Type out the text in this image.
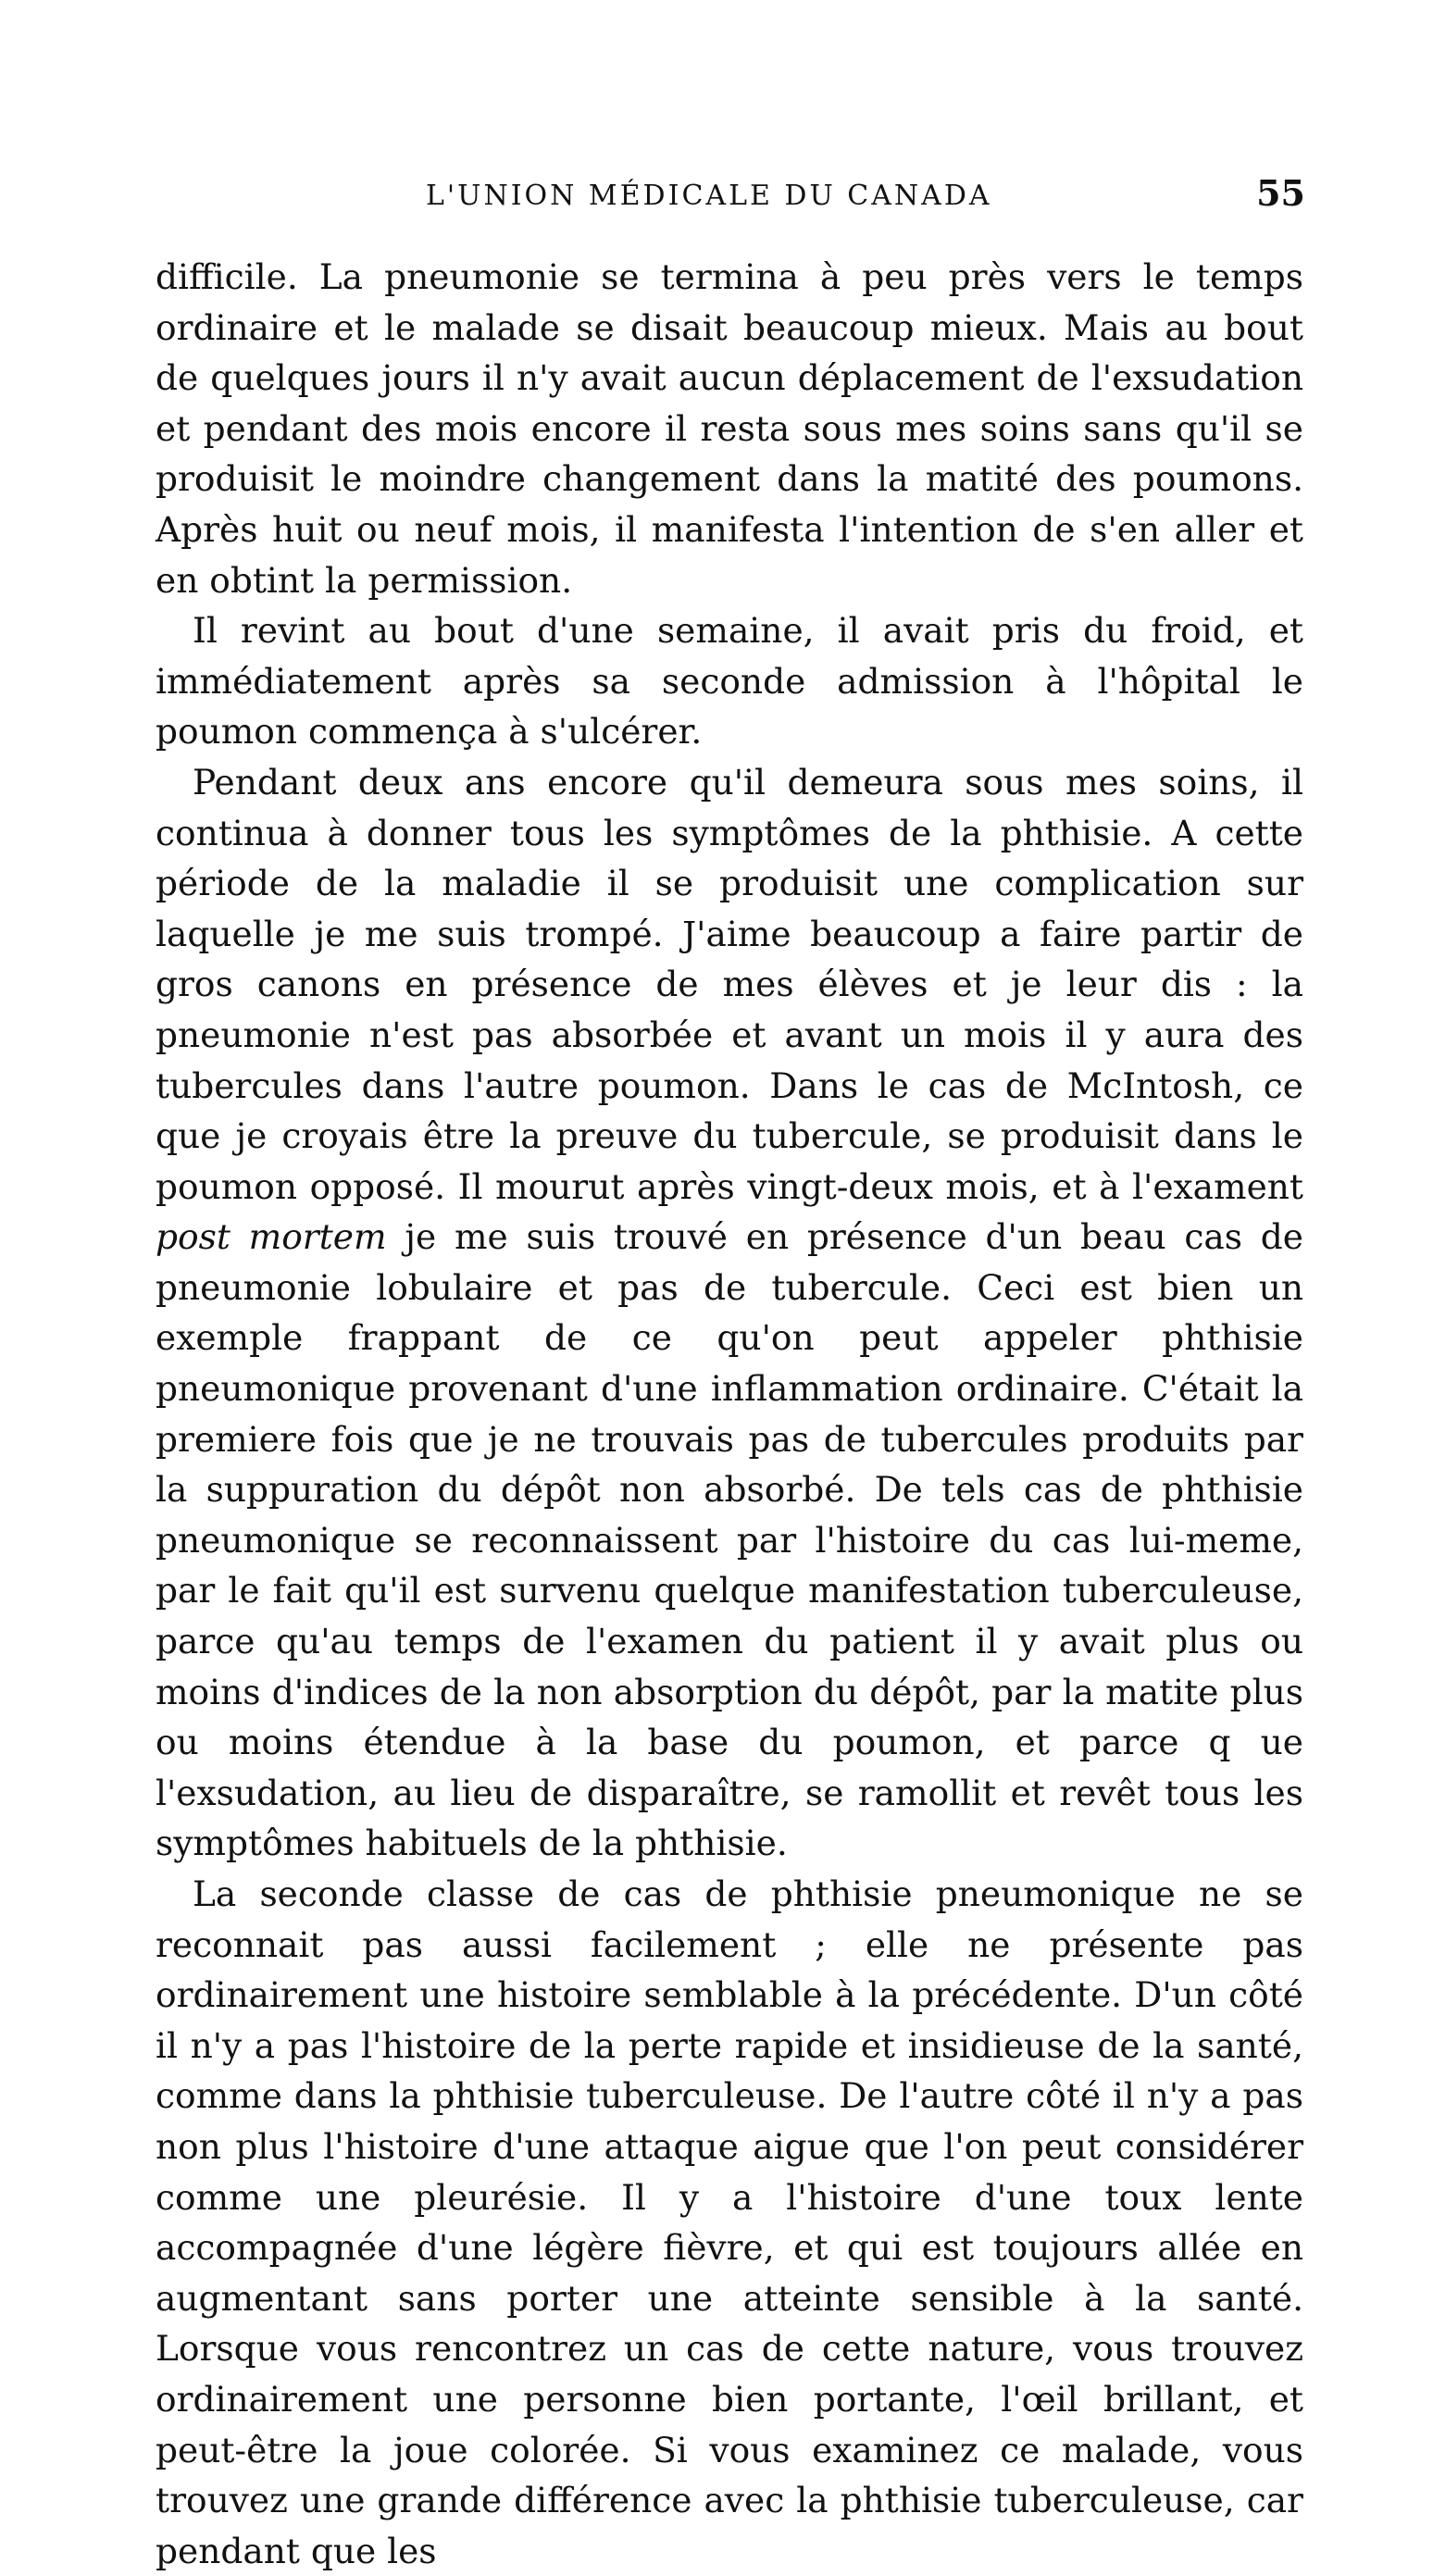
L'UNION MÉDICALE DU CANADA	55

difficile. La pneumonie se termina à peu près vers le temps ordinaire et le malade se disait beaucoup mieux. Mais au bout de quelques jours il n'y avait aucun déplacement de l'exsudation et pendant des mois encore il resta sous mes soins sans qu'il se produisit le moindre changement dans la matité des poumons. Après huit ou neuf mois, il manifesta l'intention de s'en aller et en obtint la permission.

Il revint au bout d'une semaine, il avait pris du froid, et immédiatement après sa seconde admission à l'hôpital le poumon commença à s'ulcérer.

Pendant deux ans encore qu'il demeura sous mes soins, il continua à donner tous les symptômes de la phthisie. A cette période de la maladie il se produisit une complication sur laquelle je me suis trompé. J'aime beaucoup a faire partir de gros canons en présence de mes élèves et je leur dis : la pneumonie n'est pas absorbée et avant un mois il y aura des tubercules dans l'autre poumon. Dans le cas de McIntosh, ce que je croyais être la preuve du tubercule, se produisit dans le poumon opposé. Il mourut après vingt-deux mois, et à l'exament post mortem je me suis trouvé en présence d'un beau cas de pneumonie lobulaire et pas de tubercule. Ceci est bien un exemple frappant de ce qu'on peut appeler phthisie pneumonique provenant d'une inflammation ordinaire. C'était la premiere fois que je ne trouvais pas de tubercules produits par la suppuration du dépôt non absorbé. De tels cas de phthisie pneumonique se reconnaissent par l'histoire du cas lui-meme, par le fait qu'il est survenu quelque manifestation tuberculeuse, parce qu'au temps de l'examen du patient il y avait plus ou moins d'indices de la non absorption du dépôt, par la matite plus ou moins étendue à la base du poumon, et parce q ue l'exsudation, au lieu de disparaître, se ramollit et revêt tous les symptômes habituels de la phthisie.

La seconde classe de cas de phthisie pneumonique ne se reconnait pas aussi facilement ; elle ne présente pas ordinairement une histoire semblable à la précédente. D'un côté il n'y a pas l'histoire de la perte rapide et insidieuse de la santé, comme dans la phthisie tuberculeuse. De l'autre côté il n'y a pas non plus l'histoire d'une attaque aigue que l'on peut considérer comme une pleurésie. Il y a l'histoire d'une toux lente accompagnée d'une légère fièvre, et qui est toujours allée en augmentant sans porter une atteinte sensible à la santé. Lorsque vous rencontrez un cas de cette nature, vous trouvez ordinairement une personne bien portante, l'œil brillant, et peut-être la joue colorée. Si vous examinez ce malade, vous trouvez une grande différence avec la phthisie tuberculeuse, car pendant que les
